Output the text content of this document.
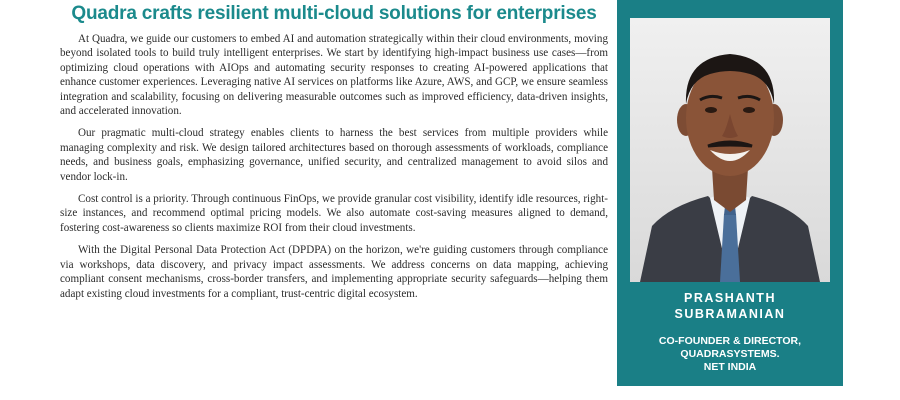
Quadra crafts resilient multi-cloud solutions for enterprises

At Quadra, we guide our customers to embed AI and automation strategically within their cloud environments, moving beyond isolated tools to build truly intelligent enterprises. We start by identifying high-impact business use cases—from optimizing cloud operations with AIOps and automating security responses to creating AI-powered applications that enhance customer experiences. Leveraging native AI services on platforms like Azure, AWS, and GCP, we ensure seamless integration and scalability, focusing on delivering measurable outcomes such as improved efficiency, data-driven insights, and accelerated innovation.

Our pragmatic multi-cloud strategy enables clients to harness the best services from multiple providers while managing complexity and risk. We design tailored architectures based on thorough assessments of workloads, compliance needs, and business goals, emphasizing governance, unified security, and centralized management to avoid silos and vendor lock-in.

Cost control is a priority. Through continuous FinOps, we provide granular cost visibility, identify idle resources, right-size instances, and recommend optimal pricing models. We also automate cost-saving measures aligned to demand, fostering cost-awareness so clients maximize ROI from their cloud investments.

With the Digital Personal Data Protection Act (DPDPA) on the horizon, we're guiding customers through compliance via workshops, data discovery, and privacy impact assessments. We address concerns on data mapping, achieving compliant consent mechanisms, cross-border transfers, and implementing appropriate security safeguards—helping them adapt existing cloud investments for a compliant, trust-centric digital ecosystem.	PRASHANTH
SUBRAMANIAN
CO-FOUNDER & DIRECTOR,
QUADRASYSTEMS.
NET INDIA
